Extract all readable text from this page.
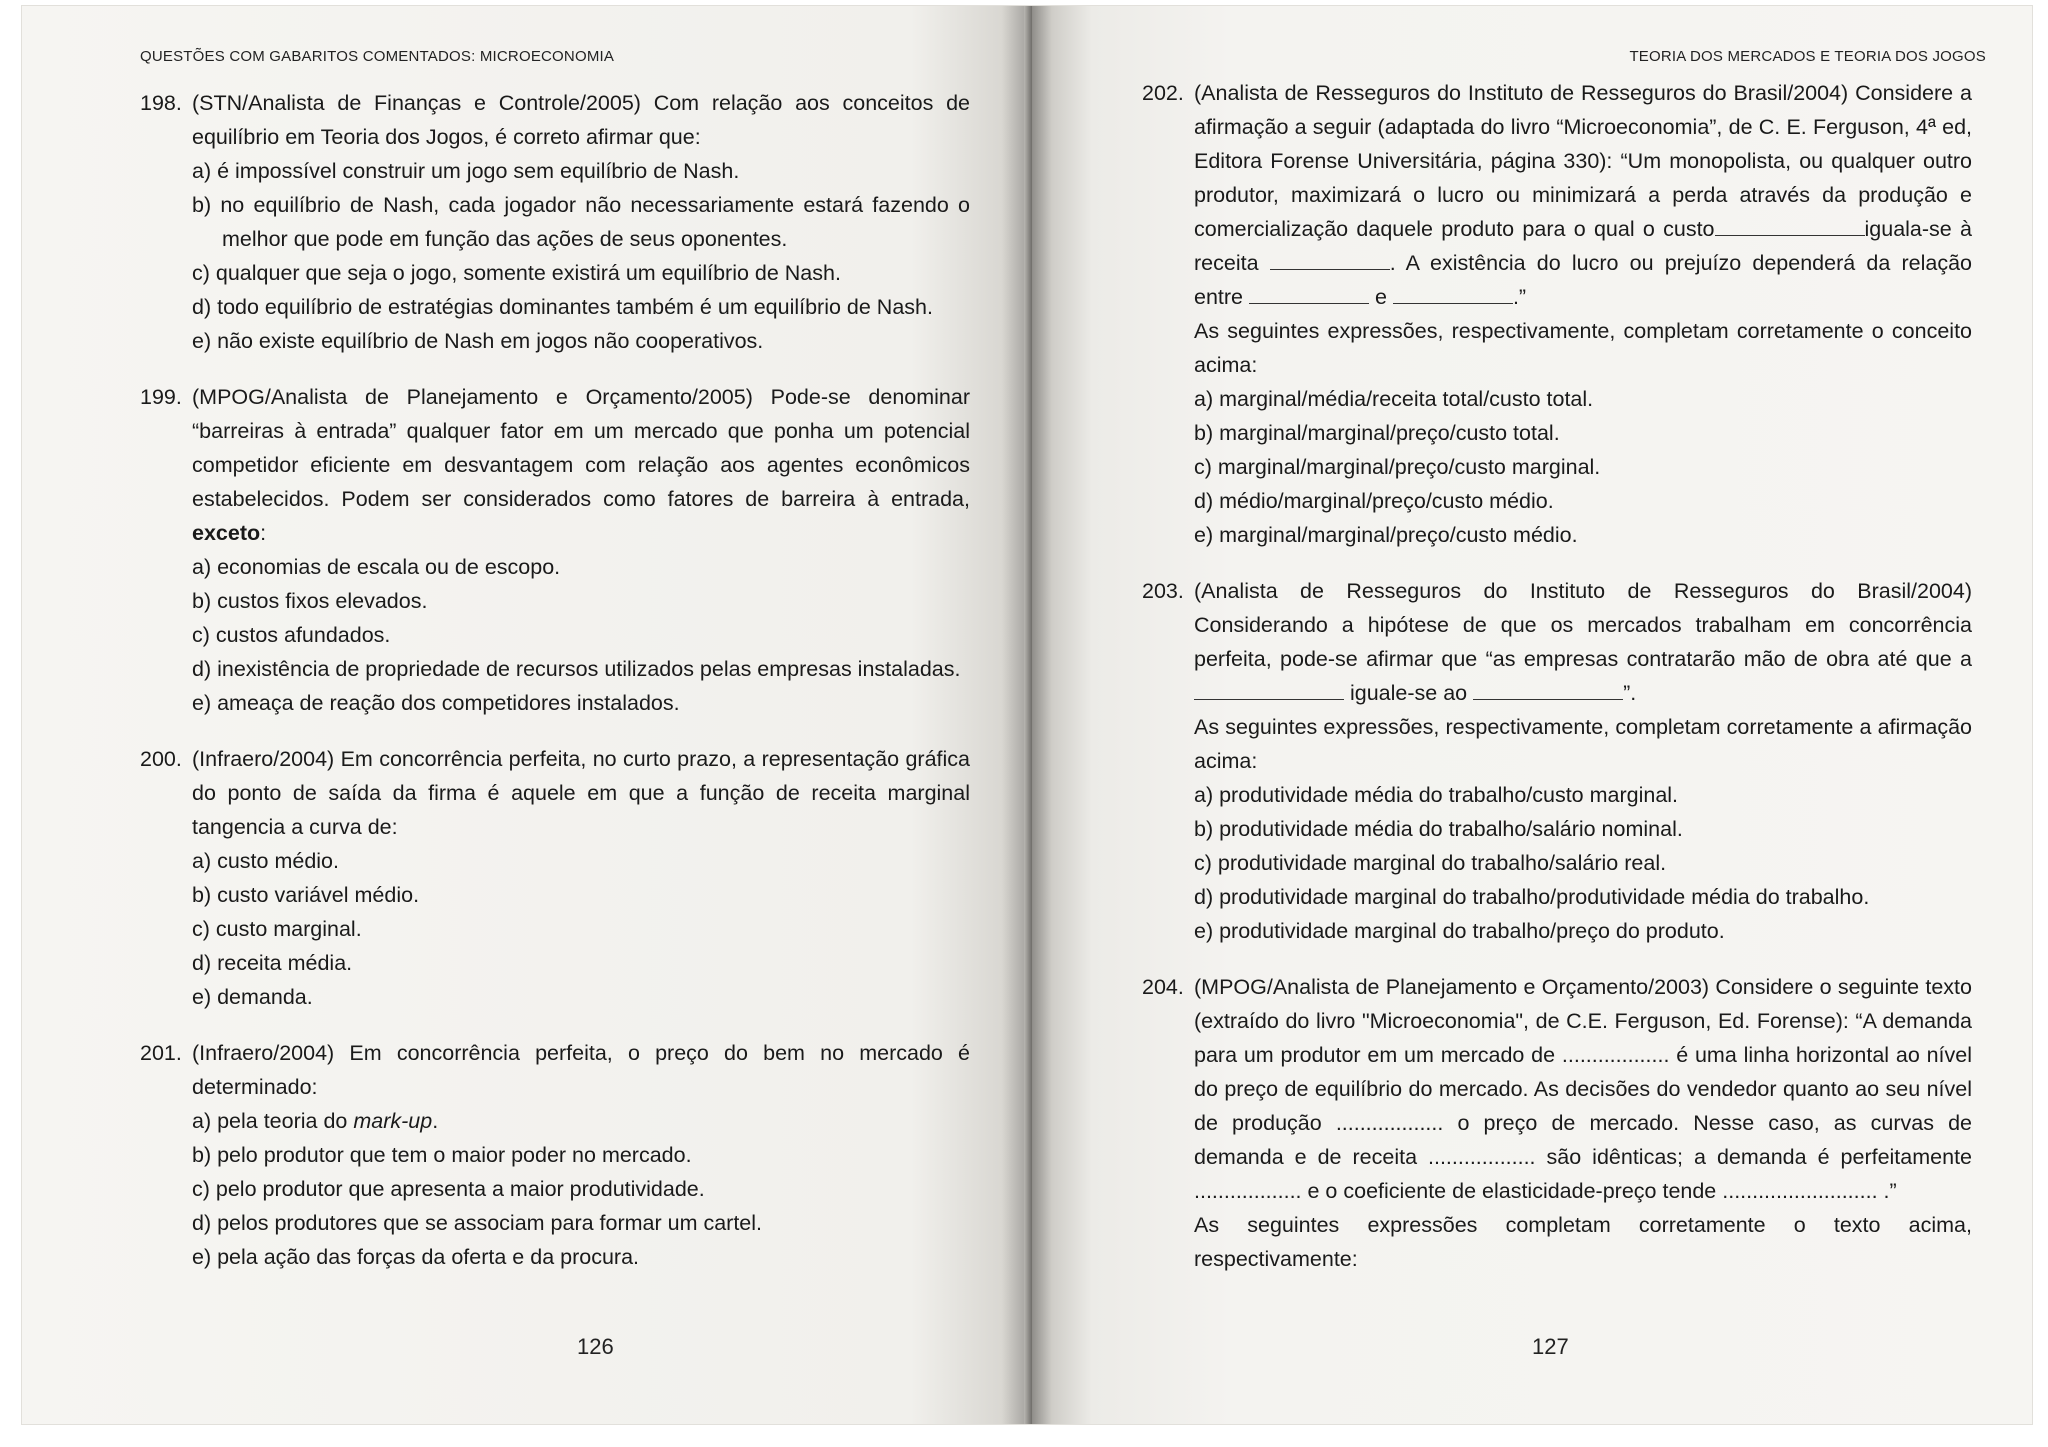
QUESTÕES COM GABARITOS COMENTADOS: MICROECONOMIA
198. (STN/Analista de Finanças e Controle/2005) Com relação aos conceitos de equilíbrio em Teoria dos Jogos, é correto afirmar que:
a) é impossível construir um jogo sem equilíbrio de Nash.
b) no equilíbrio de Nash, cada jogador não necessariamente estará fazendo o melhor que pode em função das ações de seus oponentes.
c) qualquer que seja o jogo, somente existirá um equilíbrio de Nash.
d) todo equilíbrio de estratégias dominantes também é um equilíbrio de Nash.
e) não existe equilíbrio de Nash em jogos não cooperativos.
199. (MPOG/Analista de Planejamento e Orçamento/2005) Pode-se denominar “barreiras à entrada” qualquer fator em um mercado que ponha um potencial competidor eficiente em desvantagem com relação aos agentes econômicos estabelecidos. Podem ser considerados como fatores de barreira à entrada, exceto:
a) economias de escala ou de escopo.
b) custos fixos elevados.
c) custos afundados.
d) inexistência de propriedade de recursos utilizados pelas empresas instaladas.
e) ameaça de reação dos competidores instalados.
200. (Infraero/2004) Em concorrência perfeita, no curto prazo, a representação gráfica do ponto de saída da firma é aquele em que a função de receita marginal tangencia a curva de:
a) custo médio.
b) custo variável médio.
c) custo marginal.
d) receita média.
e) demanda.
201. (Infraero/2004) Em concorrência perfeita, o preço do bem no mercado é determinado:
a) pela teoria do mark-up.
b) pelo produtor que tem o maior poder no mercado.
c) pelo produtor que apresenta a maior produtividade.
d) pelos produtores que se associam para formar um cartel.
e) pela ação das forças da oferta e da procura.
126
TEORIA DOS MERCADOS E TEORIA DOS JOGOS
202. (Analista de Resseguros do Instituto de Resseguros do Brasil/2004) Considere a afirmação a seguir (adaptada do livro “Microeconomia”, de C. E. Ferguson, 4ª ed, Editora Forense Universitária, página 330): “Um monopolista, ou qualquer outro produtor, maximizará o lucro ou minimizará a perda através da produção e comercialização daquele produto para o qual o custo	iguala-se à receita	. A existência do lucro ou prejuízo dependerá da relação entre	e	.”
As seguintes expressões, respectivamente, completam corretamente o conceito acima:
a) marginal/média/receita total/custo total.
b) marginal/marginal/preço/custo total.
c) marginal/marginal/preço/custo marginal.
d) médio/marginal/preço/custo médio.
e) marginal/marginal/preço/custo médio.
203. (Analista de Resseguros do Instituto de Resseguros do Brasil/2004) Considerando a hipótese de que os mercados trabalham em concorrência perfeita, pode-se afirmar que “as empresas contratarão mão de obra até que a  iguale-se ao	”.
As seguintes expressões, respectivamente, completam corretamente a afirmação acima:
a) produtividade média do trabalho/custo marginal.
b) produtividade média do trabalho/salário nominal.
c) produtividade marginal do trabalho/salário real.
d) produtividade marginal do trabalho/produtividade média do trabalho.
e) produtividade marginal do trabalho/preço do produto.
204. (MPOG/Analista de Planejamento e Orçamento/2003) Considere o seguinte texto (extraído do livro "Microeconomia", de C.E. Ferguson, Ed. Forense): “A demanda para um produtor em um mercado de .................. é uma linha horizontal ao nível do preço de equilíbrio do mercado. As decisões do vendedor quanto ao seu nível de produção .................. o preço de mercado. Nesse caso, as curvas de demanda e de receita .................. são idênticas; a demanda é perfeitamente .................. e o coeficiente de elasticidade-preço tende .......................... .”
As seguintes expressões completam corretamente o texto acima, respectivamente:
127
